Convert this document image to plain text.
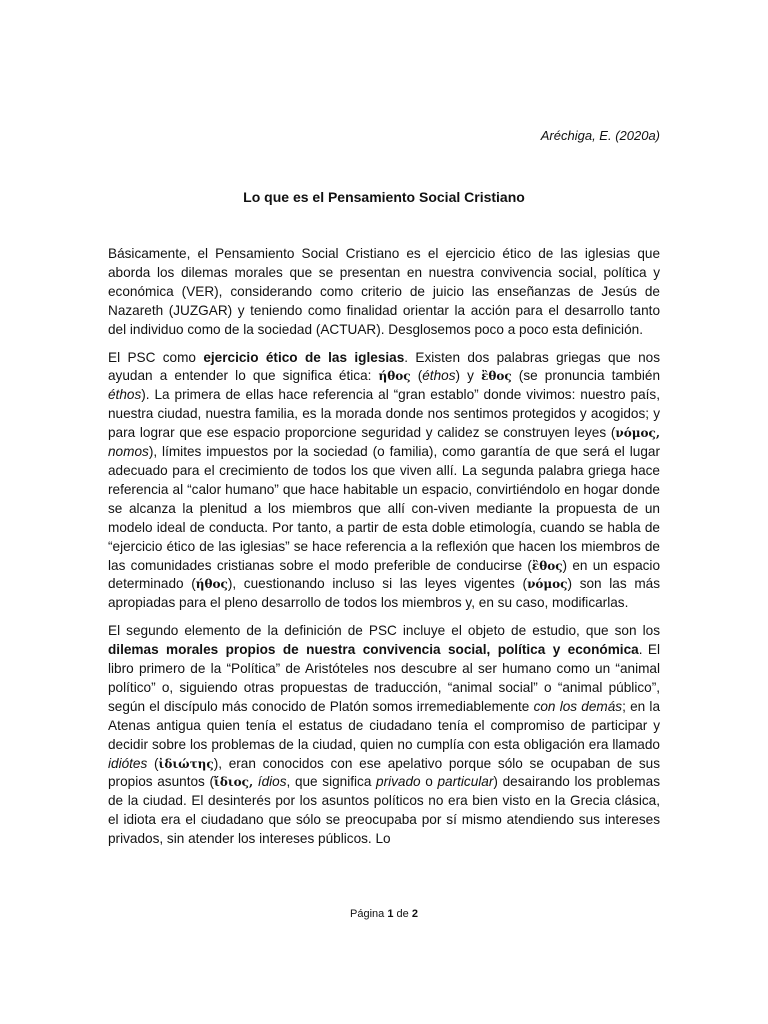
Aréchiga, E. (2020a)
Lo que es el Pensamiento Social Cristiano

Básicamente, el Pensamiento Social Cristiano es el ejercicio ético de las iglesias que aborda los dilemas morales que se presentan en nuestra convivencia social, política y económica (VER), considerando como criterio de juicio las enseñanzas de Jesús de Nazareth (JUZGAR) y teniendo como finalidad orientar la acción para el desarrollo tanto del individuo como de la sociedad (ACTUAR). Desglosemos poco a poco esta definición.

El PSC como ejercicio ético de las iglesias. Existen dos palabras griegas que nos ayudan a entender lo que significa ética: ήθος (éthos) y ἒθος (se pronuncia también éthos). La primera de ellas hace referencia al “gran establo” donde vivimos: nuestro país, nuestra ciudad, nuestra familia, es la morada donde nos sentimos protegidos y acogidos; y para lograr que ese espacio proporcione seguridad y calidez se construyen leyes (νόμος, nomos), límites impuestos por la sociedad (o familia), como garantía de que será el lugar adecuado para el crecimiento de todos los que viven allí. La segunda palabra griega hace referencia al “calor humano” que hace habitable un espacio, convirtiéndolo en hogar donde se alcanza la plenitud a los miembros que allí con-viven mediante la propuesta de un modelo ideal de conducta. Por tanto, a partir de esta doble etimología, cuando se habla de “ejercicio ético de las iglesias” se hace referencia a la reflexión que hacen los miembros de las comunidades cristianas sobre el modo preferible de conducirse (ἒθος) en un espacio determinado (ήθος), cuestionando incluso si las leyes vigentes (νόμος) son las más apropiadas para el pleno desarrollo de todos los miembros y, en su caso, modificarlas.

El segundo elemento de la definición de PSC incluye el objeto de estudio, que son los dilemas morales propios de nuestra convivencia social, política y económica. El libro primero de la “Política” de Aristóteles nos descubre al ser humano como un “animal político” o, siguiendo otras propuestas de traducción, “animal social” o “animal público”, según el discípulo más conocido de Platón somos irremediablemente con los demás; en la Atenas antigua quien tenía el estatus de ciudadano tenía el compromiso de participar y decidir sobre los problemas de la ciudad, quien no cumplía con esta obligación era llamado idiótes (ἰδιώτης), eran conocidos con ese apelativo porque sólo se ocupaban de sus propios asuntos (ἴδιος, ídios, que significa privado o particular) desairando los problemas de la ciudad. El desinterés por los asuntos políticos no era bien visto en la Grecia clásica, el idiota era el ciudadano que sólo se preocupaba por sí mismo atendiendo sus intereses privados, sin atender los intereses públicos. Lo

Página 1 de 2
